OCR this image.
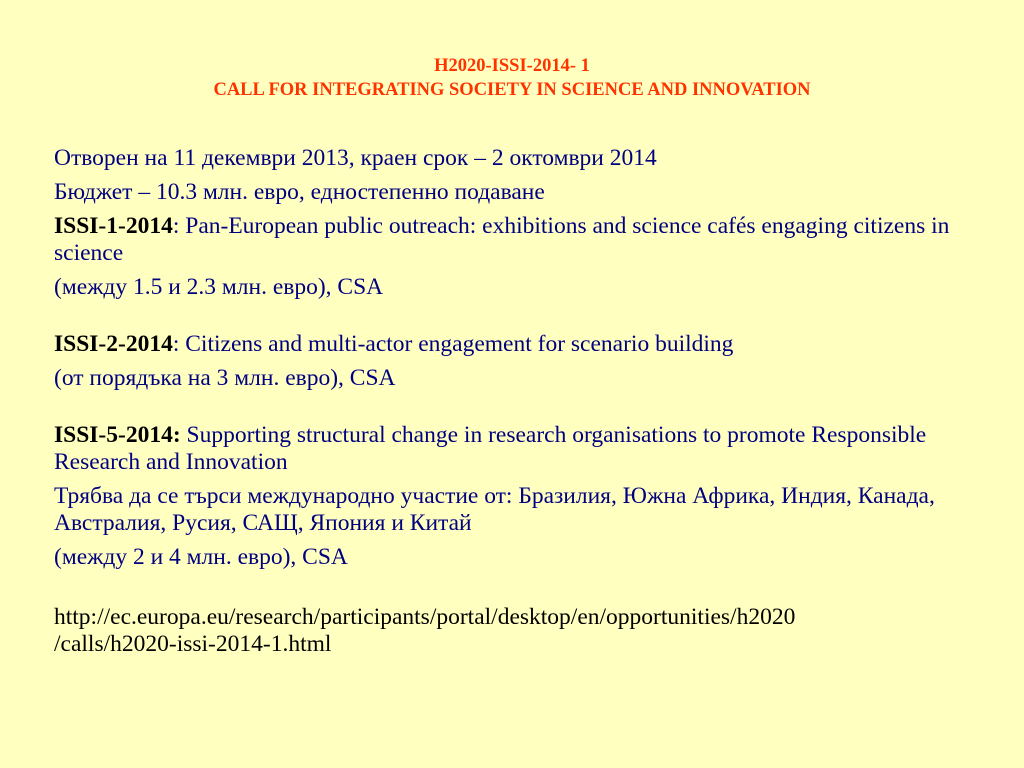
H2020-ISSI-2014- 1
CALL FOR INTEGRATING SOCIETY IN SCIENCE AND INNOVATION
Отворен на 11 декември 2013, краен срок – 2 октомври 2014
Бюджет – 10.3 млн. евро, едностепенно подаване
ISSI-1-2014: Pan-European public outreach: exhibitions and science cafés engaging citizens in science
(между 1.5 и 2.3 млн. евро), CSA
ISSI-2-2014: Citizens and multi-actor engagement for scenario building
(от порядъка на 3 млн. евро), CSA
ISSI-5-2014: Supporting structural change in research organisations to promote Responsible Research and Innovation
Трябва да се търси международно участие от: Бразилия, Южна Африка, Индия, Канада, Австралия, Русия, САЩ, Япония и Китай
(между 2 и 4 млн. евро), CSA
http://ec.europa.eu/research/participants/portal/desktop/en/opportunities/h2020
/calls/h2020-issi-2014-1.html
